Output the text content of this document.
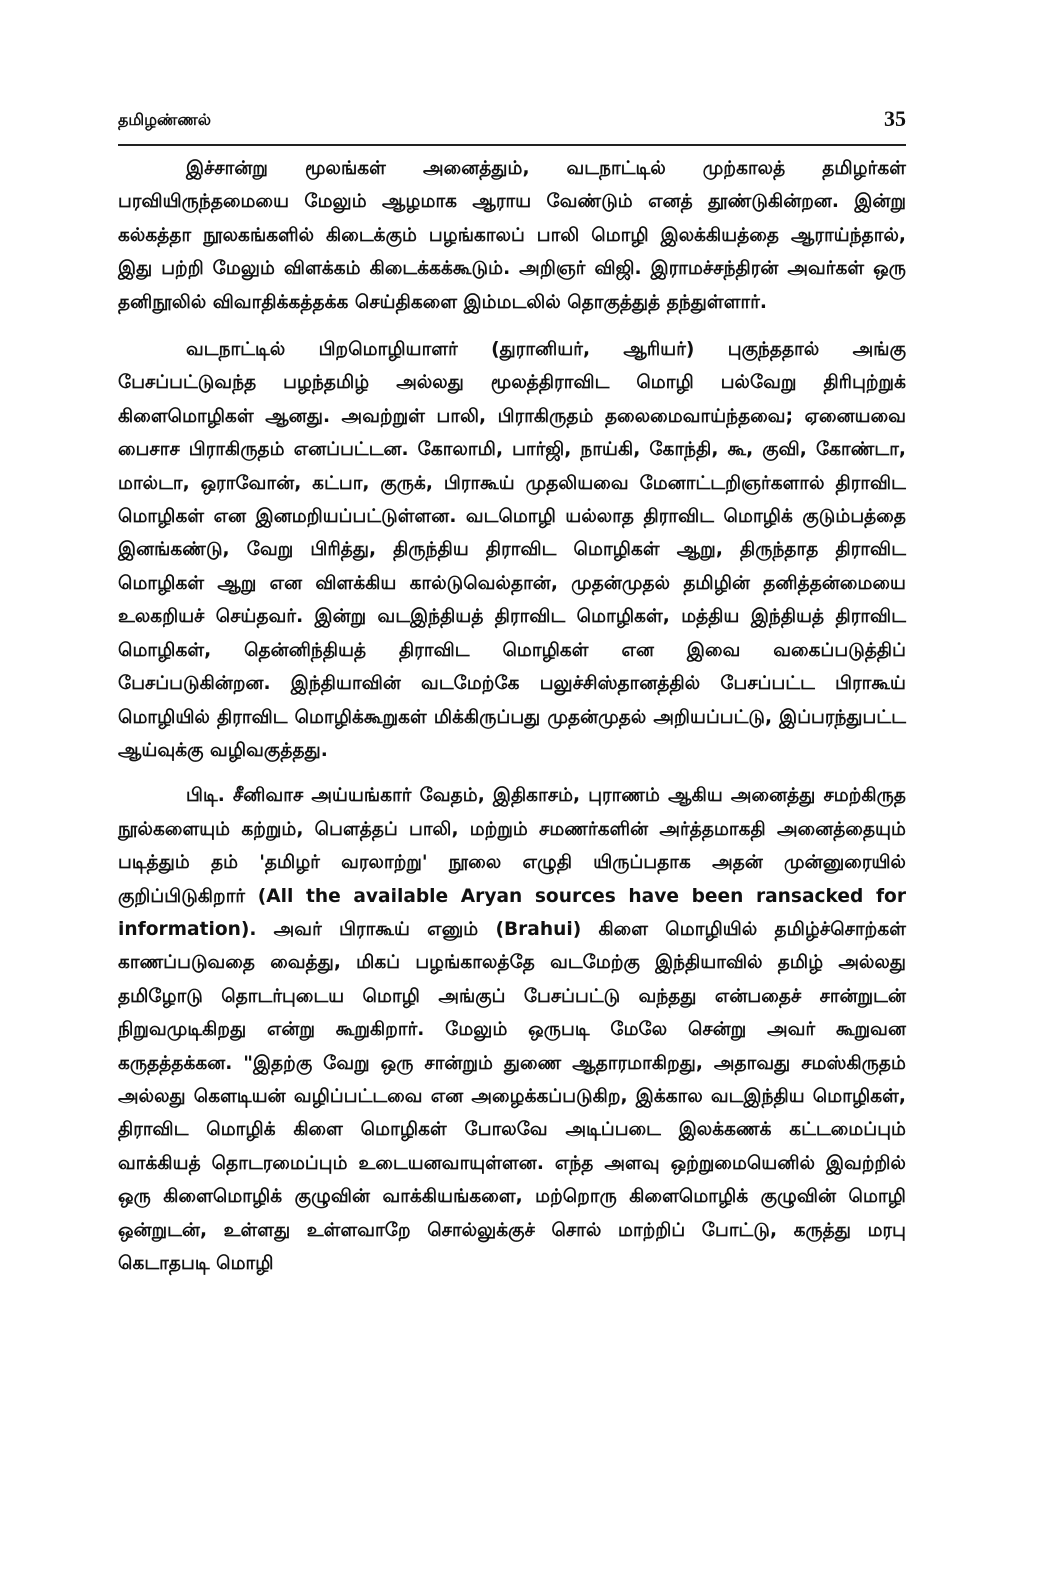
தமிழண்ணல்	35

இச்சான்று மூலங்கள் அனைத்தும், வடநாட்டில் முற்காலத் தமிழர்கள் பரவியிருந்தமையை மேலும் ஆழமாக ஆராய வேண்டும் எனத் தூண்டுகின்றன. இன்று கல்கத்தா நூலகங்களில் கிடைக்கும் பழங்காலப் பாலி மொழி இலக்கியத்தை ஆராய்ந்தால், இது பற்றி மேலும் விளக்கம் கிடைக்கக்கூடும். அறிஞர் விஜி. இராமச்சந்திரன் அவர்கள் ஒரு தனிநூலில் விவாதிக்கத்தக்க செய்திகளை இம்மடலில் தொகுத்துத் தந்துள்ளார்.

வடநாட்டில் பிறமொழியாளர் (துரானியர், ஆரியர்) புகுந்ததால் அங்கு பேசப்பட்டுவந்த பழந்தமிழ் அல்லது மூலத்திராவிட மொழி பல்வேறு திரிபுற்றுக் கிளைமொழிகள் ஆனது. அவற்றுள் பாலி, பிராகிருதம் தலைமைவாய்ந்தவை; ஏனையவை பைசாச பிராகிருதம் எனப்பட்டன. கோலாமி, பார்ஜி, நாய்கி, கோந்தி, கூ, குவி, கோண்டா, மால்டா, ஒராவோன், கட்பா, குருக், பிராகூய் முதலியவை மேனாட்டறிஞர்களால் திராவிட மொழிகள் என இனமறியப்பட்டுள்ளன. வடமொழி யல்லாத திராவிட மொழிக் குடும்பத்தை இனங்கண்டு, வேறு பிரித்து, திருந்திய திராவிட மொழிகள் ஆறு, திருந்தாத திராவிட மொழிகள் ஆறு என விளக்கிய கால்டுவெல்தான், முதன்முதல் தமிழின் தனித்தன்மையை உலகறியச் செய்தவர். இன்று வடஇந்தியத் திராவிட மொழிகள், மத்திய இந்தியத் திராவிட மொழிகள், தென்னிந்தியத் திராவிட மொழிகள் என இவை வகைப்படுத்திப் பேசப்படுகின்றன. இந்தியாவின் வடமேற்கே பலுச்சிஸ்தானத்தில் பேசப்பட்ட பிராகூய் மொழியில் திராவிட மொழிக்கூறுகள் மிக்கிருப்பது முதன்முதல் அறியப்பட்டு, இப்பரந்துபட்ட ஆய்வுக்கு வழிவகுத்தது.

பிடி. சீனிவாச அய்யங்கார் வேதம், இதிகாசம், புராணம் ஆகிய அனைத்து சமற்கிருத நூல்களையும் கற்றும், பௌத்தப் பாலி, மற்றும் சமணர்களின் அர்த்தமாகதி அனைத்தையும் படித்தும் தம் 'தமிழர் வரலாற்று' நூலை எழுதி யிருப்பதாக அதன் முன்னுரையில் குறிப்பிடுகிறார் (All the available Aryan sources have been ransacked for information). அவர் பிராகூய் எனும் (Brahui) கிளை மொழியில் தமிழ்ச்சொற்கள் காணப்படுவதை வைத்து, மிகப் பழங்காலத்தே வடமேற்கு இந்தியாவில் தமிழ் அல்லது தமிழோடு தொடர்புடைய மொழி அங்குப் பேசப்பட்டு வந்தது என்பதைச் சான்றுடன் நிறுவமுடிகிறது என்று கூறுகிறார். மேலும் ஒருபடி மேலே சென்று அவர் கூறுவன கருதத்தக்கன. "இதற்கு வேறு ஒரு சான்றும் துணை ஆதாரமாகிறது, அதாவது சமஸ்கிருதம் அல்லது கௌடியன் வழிப்பட்டவை என அழைக்கப்படுகிற, இக்கால வடஇந்திய மொழிகள், திராவிட மொழிக் கிளை மொழிகள் போலவே அடிப்படை இலக்கணக் கட்டமைப்பும் வாக்கியத் தொடரமைப்பும் உடையனவாயுள்ளன. எந்த அளவு ஒற்றுமையெனில் இவற்றில் ஒரு கிளைமொழிக் குழுவின் வாக்கியங்களை, மற்றொரு கிளைமொழிக் குழுவின் மொழி ஒன்றுடன், உள்ளது உள்ளவாறே சொல்லுக்குச் சொல் மாற்றிப் போட்டு, கருத்து மரபு கெடாதபடி மொழி
